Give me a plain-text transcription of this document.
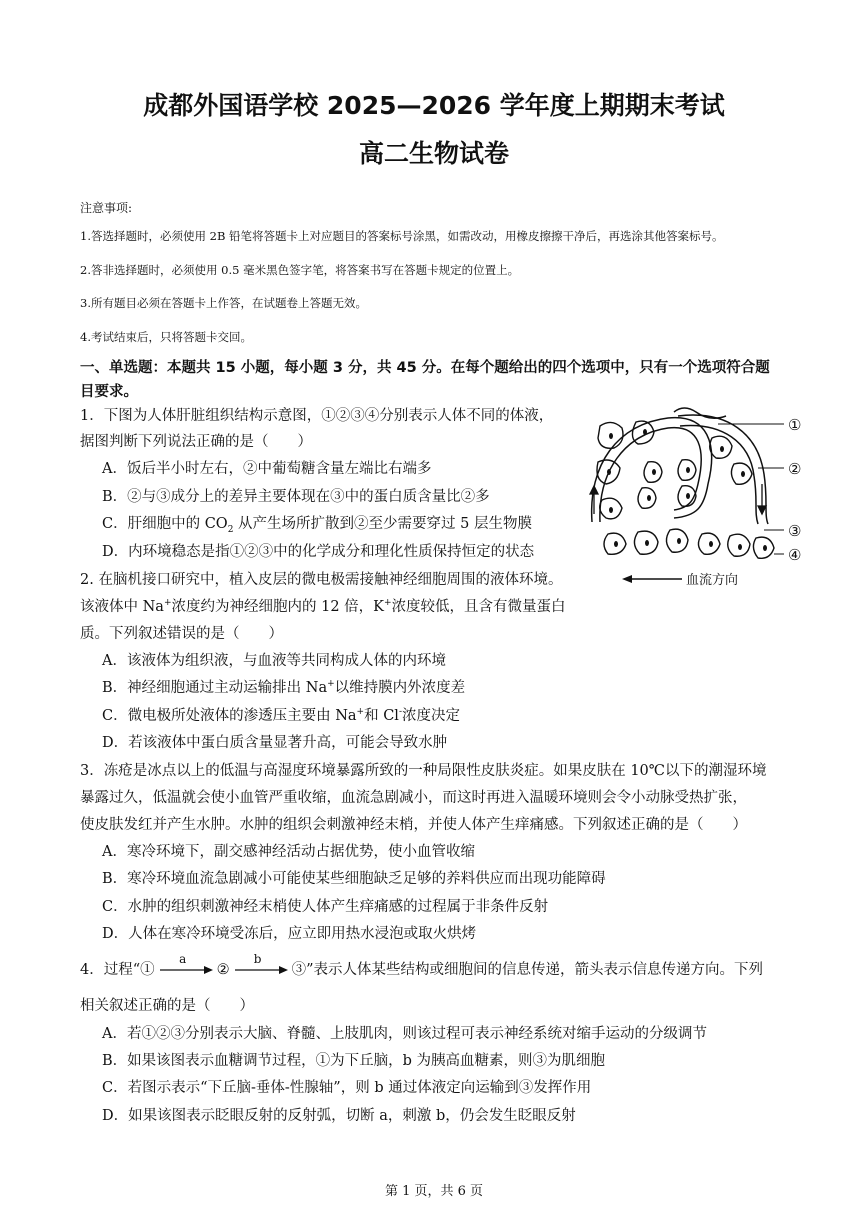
成都外国语学校 2025—2026 学年度上期期末考试
高二生物试卷
注意事项:
1.答选择题时，必须使用 2B 铅笔将答题卡上对应题目的答案标号涂黑，如需改动，用橡皮擦擦干净后，再选涂其他答案标号。
2.答非选择题时，必须使用 0.5 毫米黑色签字笔，将答案书写在答题卡规定的位置上。
3.所有题目必须在答题卡上作答，在试题卷上答题无效。
4.考试结束后，只将答题卡交回。
一、单选题：本题共 15 小题，每小题 3 分，共 45 分。在每个题给出的四个选项中，只有一个选项符合题
目要求。
1．下图为人体肝脏组织结构示意图，①②③④分别表示人体不同的体液，
据图判断下列说法正确的是（　　）
A．饭后半小时左右，②中葡萄糖含量左端比右端多
B．②与③成分上的差异主要体现在③中的蛋白质含量比②多
C．肝细胞中的 $CO_2$ 从产生场所扩散到②至少需要穿过 5 层生物膜
D．内环境稳态是指①②③中的化学成分和理化性质保持恒定的状态
①
②
③
④
血流方向
2. 在脑机接口研究中，植入皮层的微电极需接触神经细胞周围的液体环境。
该液体中 Na+浓度约为神经细胞内的 12 倍，K+浓度较低，且含有微量蛋白
质。下列叙述错误的是（　　）
A．该液体为组织液，与血液等共同构成人体的内环境
B．神经细胞通过主动运输排出 Na+以维持膜内外浓度差
C．微电极所处液体的渗透压主要由 Na+和 Cl-浓度决定
D．若该液体中蛋白质含量显著升高，可能会导致水肿
3．冻疮是冰点以上的低温与高湿度环境暴露所致的一种局限性皮肤炎症。如果皮肤在 10℃以下的潮湿环境
暴露过久，低温就会使小血管严重收缩，血流急剧减小，而这时再进入温暖环境则会令小动脉受热扩张，
使皮肤发红并产生水肿。水肿的组织会刺激神经末梢，并使人体产生痒痛感。下列叙述正确的是（　　）
A．寒冷环境下，副交感神经活动占据优势，使小血管收缩
B．寒冷环境血流急剧减小可能使某些细胞缺乏足够的养料供应而出现功能障碍
C．水肿的组织刺激神经末梢使人体产生痒痛感的过程属于非条件反射
D．人体在寒冷环境受冻后，应立即用热水浸泡或取火烘烤
4．过程“①
a
②
b
③”表示人体某些结构或细胞间的信息传递，箭头表示信息传递方向。下列
相关叙述正确的是（　　）
A．若①②③分别表示大脑、脊髓、上肢肌肉，则该过程可表示神经系统对缩手运动的分级调节
B．如果该图表示血糖调节过程，①为下丘脑，b 为胰高血糖素，则③为肌细胞
C．若图示表示“下丘脑-垂体-性腺轴”，则 b 通过体液定向运输到③发挥作用
D．如果该图表示眨眼反射的反射弧，切断 a，刺激 b，仍会发生眨眼反射
第 1 页，共 6 页
